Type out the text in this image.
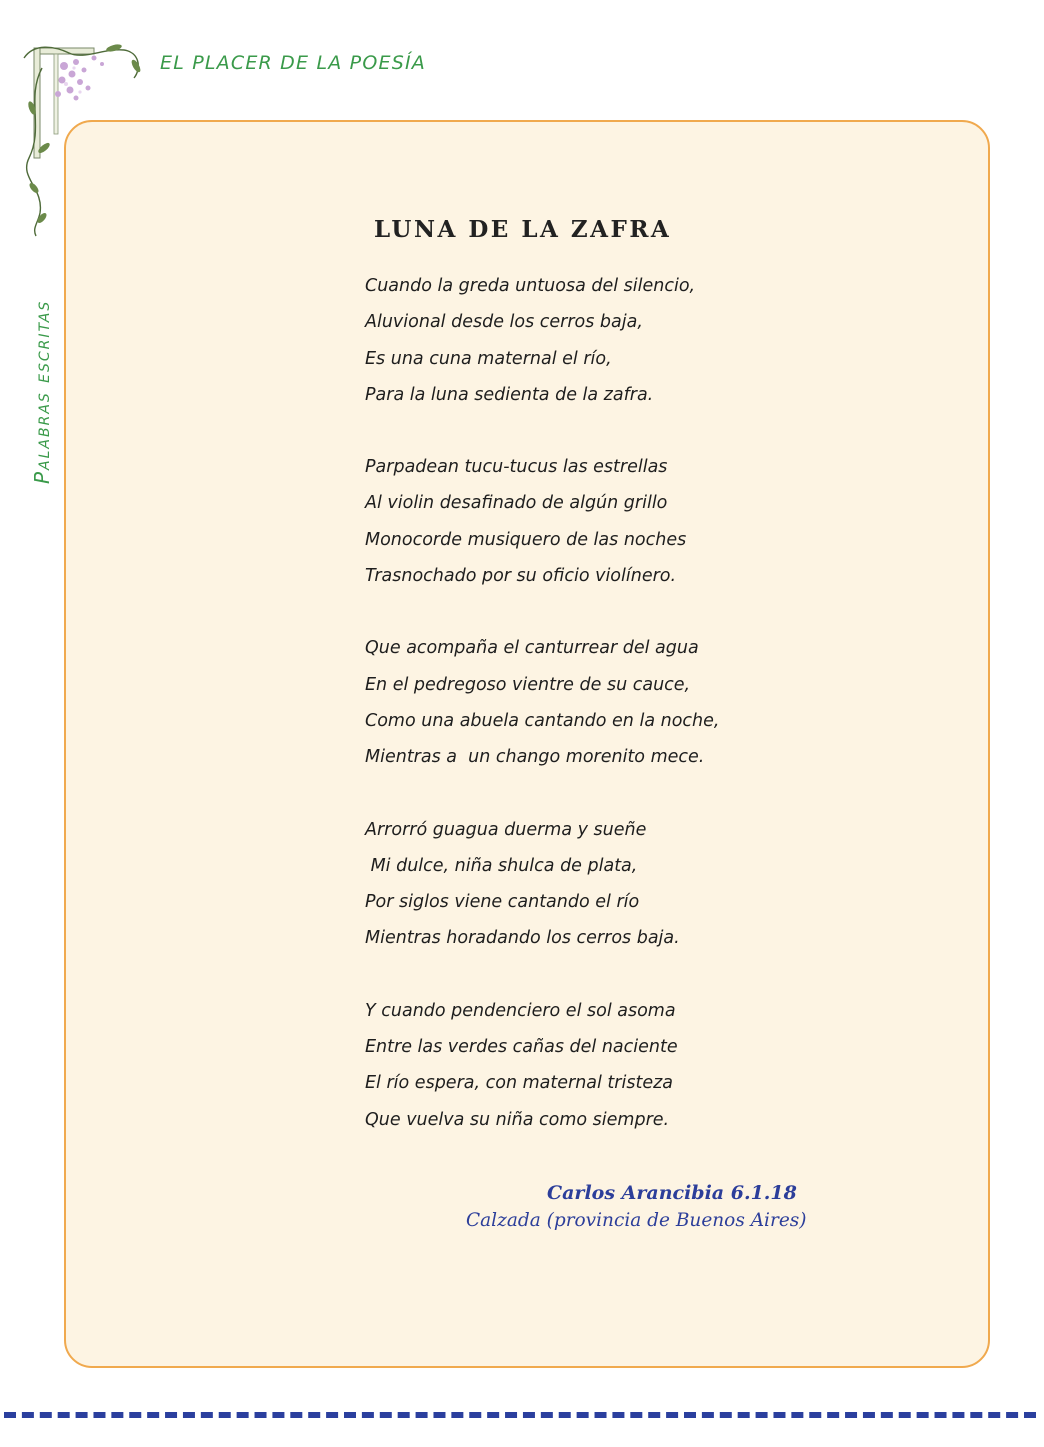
EL PLACER DE LA POESÍA
Palabras escritas
LUNA DE LA ZAFRA
Cuando la greda untuosa del silencio,
Aluvional desde los cerros baja,
Es una cuna maternal el río,
Para la luna sedienta de la zafra.
Parpadean tucu-tucus las estrellas
Al violin desafinado de algún grillo
Monocorde musiquero de las noches
Trasnochado por su oficio violínero.
Que acompaña el canturrear del agua
En el pedregoso vientre de su cauce,
Como una abuela cantando en la noche,
Mientras a  un chango morenito mece.
Arrorró guagua duerma y sueñe
Mi dulce, niña shulca de plata,
Por siglos viene cantando el río
Mientras horadando los cerros baja.
Y cuando pendenciero el sol asoma
Entre las verdes cañas del naciente
El río espera, con maternal tristeza
Que vuelva su niña como siempre.
Carlos Arancibia 6.1.18
Calzada (provincia de Buenos Aires)
